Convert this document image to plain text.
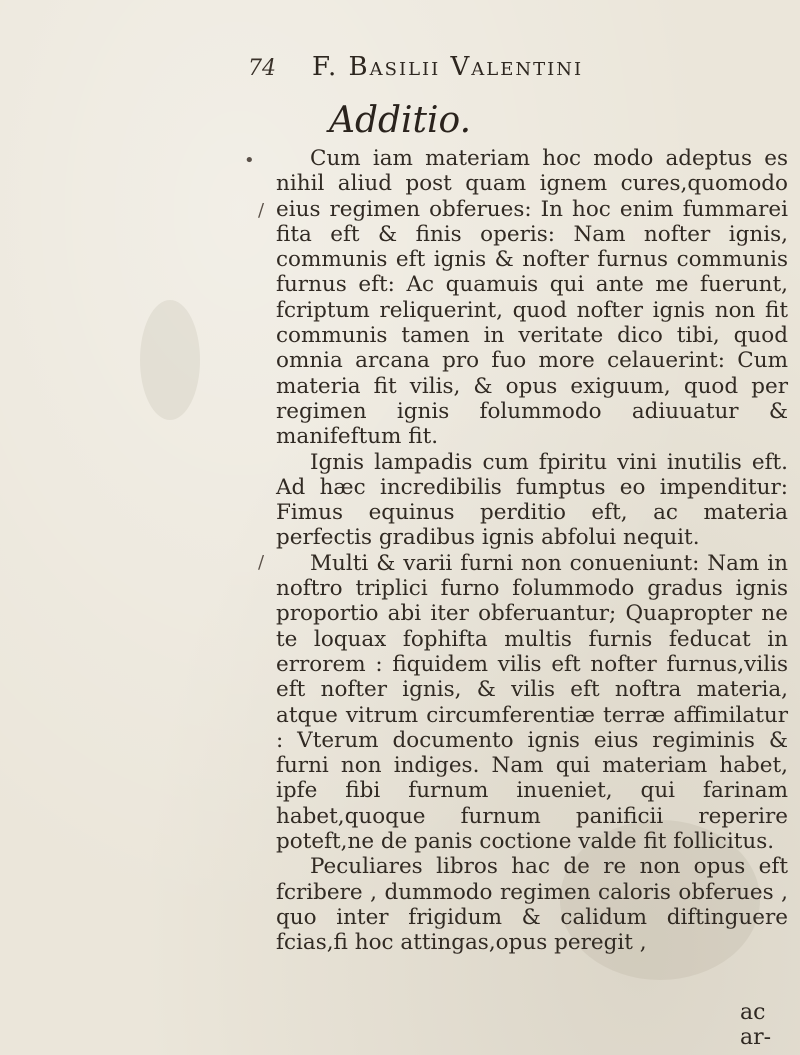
74 F. Basilii Valentini
Additio.

Cum iam materiam hoc modo adeptus es nihil aliud post quam ignem cures,quomodo eius regimen obferues: In hoc enim fummarei fita eft & finis operis: Nam nofter ignis, communis eft ignis & nofter furnus communis furnus eft: Ac quamuis qui ante me fuerunt, fcriptum reliquerint, quod nofter ignis non fit communis tamen in veritate dico tibi, quod omnia arcana pro fuo more celauerint: Cum materia fit vilis, & opus exiguum, quod per regimen ignis folummodo adiuuatur & manifeftum fit.

Ignis lampadis cum fpiritu vini inutilis eft. Ad hæc incredibilis fumptus eo impenditur: Fimus equinus perditio eft, ac materia perfectis gradibus ignis abfolui nequit.

Multi & varii furni non conueniunt: Nam in noftro triplici furno folummodo gradus ignis proportio abi iter obferuantur; Quapropter ne te loquax fophifta multis furnis feducat in errorem : fiquidem vilis eft nofter furnus,vilis eft nofter ignis, & vilis eft noftra materia, atque vitrum circumferentiæ terræ affimilatur : Vterum documento ignis eius regiminis & furni non indiges. Nam qui materiam habet, ipfe fibi furnum inueniet, qui farinam habet,quoque furnum panificii reperire poteft,ne de panis coctione valde fit follicitus.

Peculiares libros hac de re non opus eft fcribere , dummodo regimen caloris obferues , quo inter frigidum & calidum diftinguere fcias,fi hoc attingas,opus peregit ,

ac ar-
/
/
•
